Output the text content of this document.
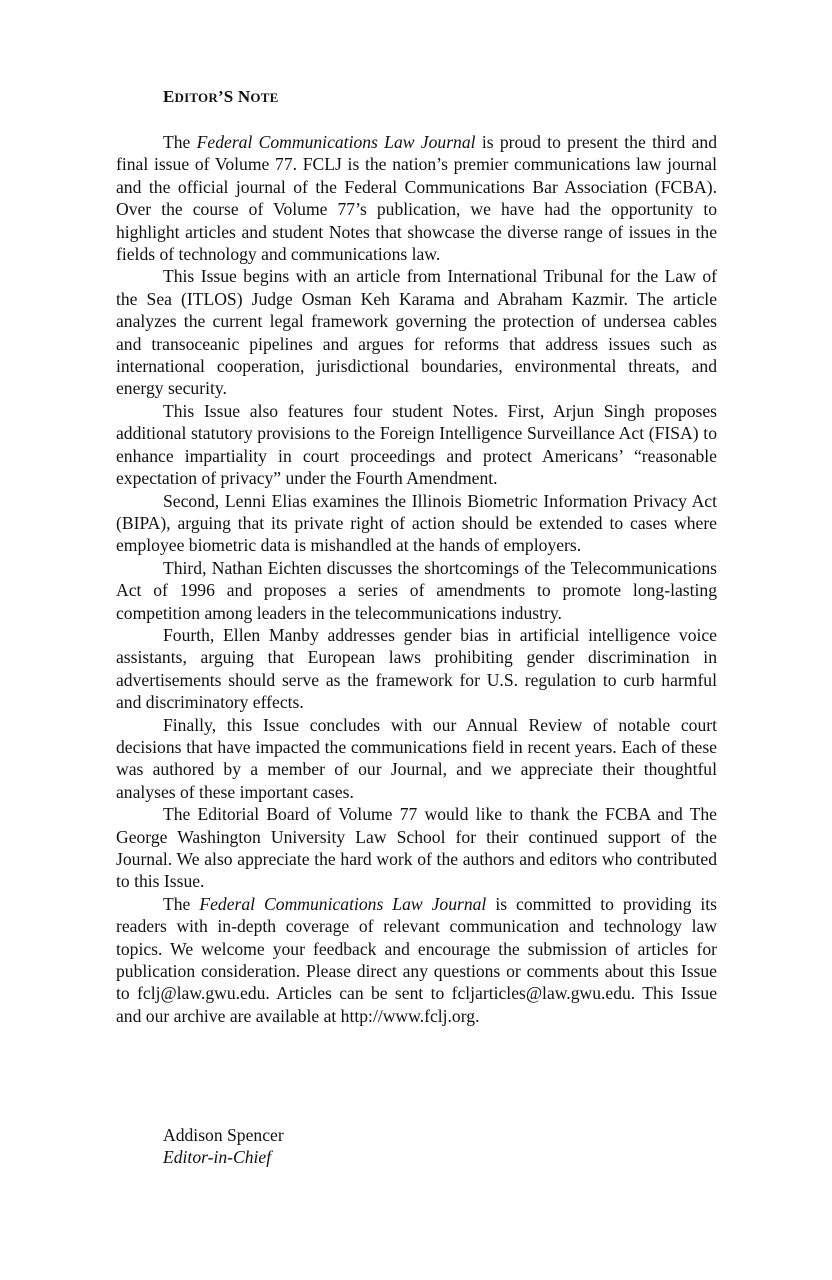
EDITOR’S NOTE

The Federal Communications Law Journal is proud to present the third and final issue of Volume 77. FCLJ is the nation’s premier communications law journal and the official journal of the Federal Communications Bar Association (FCBA). Over the course of Volume 77’s publication, we have had the opportunity to highlight articles and student Notes that showcase the diverse range of issues in the fields of technology and communications law.

This Issue begins with an article from International Tribunal for the Law of the Sea (ITLOS) Judge Osman Keh Karama and Abraham Kazmir. The article analyzes the current legal framework governing the protection of undersea cables and transoceanic pipelines and argues for reforms that address issues such as international cooperation, jurisdictional boundaries, environmental threats, and energy security.

This Issue also features four student Notes. First, Arjun Singh proposes additional statutory provisions to the Foreign Intelligence Surveillance Act (FISA) to enhance impartiality in court proceedings and protect Americans’ “reasonable expectation of privacy” under the Fourth Amendment.

Second, Lenni Elias examines the Illinois Biometric Information Privacy Act (BIPA), arguing that its private right of action should be extended to cases where employee biometric data is mishandled at the hands of employers.

Third, Nathan Eichten discusses the shortcomings of the Telecommunications Act of 1996 and proposes a series of amendments to promote long-lasting competition among leaders in the telecommunications industry.

Fourth, Ellen Manby addresses gender bias in artificial intelligence voice assistants, arguing that European laws prohibiting gender discrimination in advertisements should serve as the framework for U.S. regulation to curb harmful and discriminatory effects.

Finally, this Issue concludes with our Annual Review of notable court decisions that have impacted the communications field in recent years. Each of these was authored by a member of our Journal, and we appreciate their thoughtful analyses of these important cases.

The Editorial Board of Volume 77 would like to thank the FCBA and The George Washington University Law School for their continued support of the Journal. We also appreciate the hard work of the authors and editors who contributed to this Issue.

The Federal Communications Law Journal is committed to providing its readers with in-depth coverage of relevant communication and technology law topics. We welcome your feedback and encourage the submission of articles for publication consideration. Please direct any questions or comments about this Issue to fclj@law.gwu.edu. Articles can be sent to fcljarticles@law.gwu.edu. This Issue and our archive are available at http://www.fclj.org.

Addison Spencer
Editor-in-Chief
